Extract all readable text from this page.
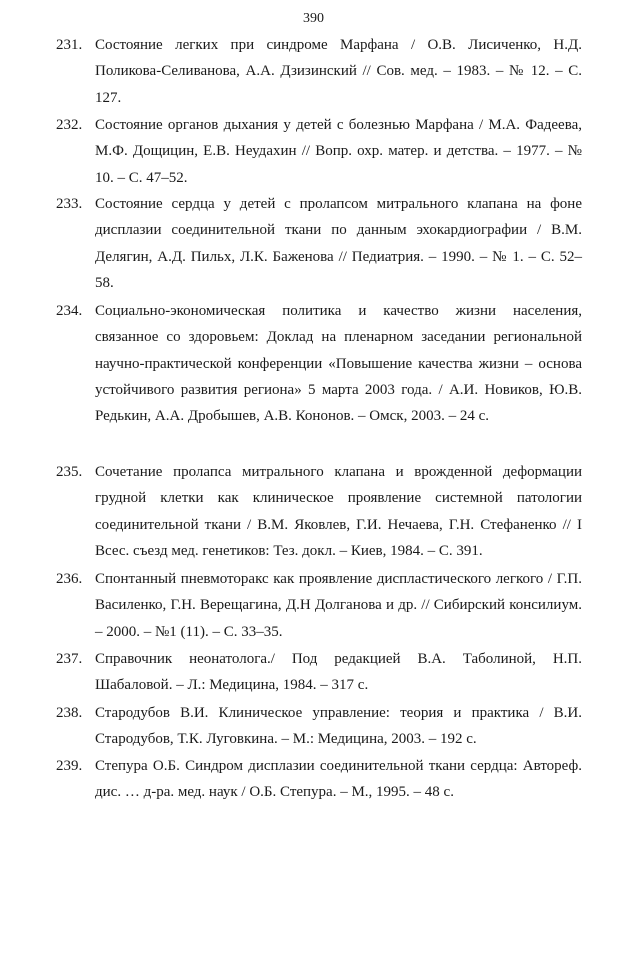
390
231. Состояние легких при синдроме Марфана / О.В. Лисиченко, Н.Д. Поликова-Селиванова, А.А. Дзизинский // Сов. мед. – 1983. – № 12. – С. 127.
232. Состояние органов дыхания у детей с болезнью Марфана / М.А. Фадеева, М.Ф. Дощицин, Е.В. Неудахин // Вопр. охр. матер. и детства. – 1977. – № 10. – С. 47–52.
233. Состояние сердца у детей с пролапсом митрального клапана на фоне дисплазии соединительной ткани по данным эхокардиографии / В.М. Делягин, А.Д. Пильх, Л.К. Баженова // Педиатрия. – 1990. – № 1. – С. 52–58.
234. Социально-экономическая политика и качество жизни населения, связанное со здоровьем: Доклад на пленарном заседании региональной научно-практической конференции «Повышение качества жизни – основа устойчивого развития региона» 5 марта 2003 года. / А.И. Новиков, Ю.В. Редькин, А.А. Дробышев, А.В. Кононов. – Омск, 2003. – 24 с.
235. Сочетание пролапса митрального клапана и врожденной деформации грудной клетки как клиническое проявление системной патологии соединительной ткани / В.М. Яковлев, Г.И. Нечаева, Г.Н. Стефаненко // I Всес. съезд мед. генетиков: Тез. докл. – Киев, 1984. – С. 391.
236. Спонтанный пневмоторакс как проявление диспластического легкого / Г.П. Василенко, Г.Н. Верещагина, Д.Н Долганова и др. // Сибирский консилиум. – 2000. – №1 (11). – С. 33–35.
237. Справочник неонатолога./ Под редакцией В.А. Таболиной, Н.П. Шабаловой. – Л.: Медицина, 1984. – 317 с.
238. Стародубов В.И. Клиническое управление: теория и практика / В.И. Стародубов, Т.К. Луговкина. – М.: Медицина, 2003. – 192 с.
239. Степура О.Б. Синдром дисплазии соединительной ткани сердца: Автореф. дис. … д-ра. мед. наук / О.Б. Степура. – М., 1995. – 48 с.
